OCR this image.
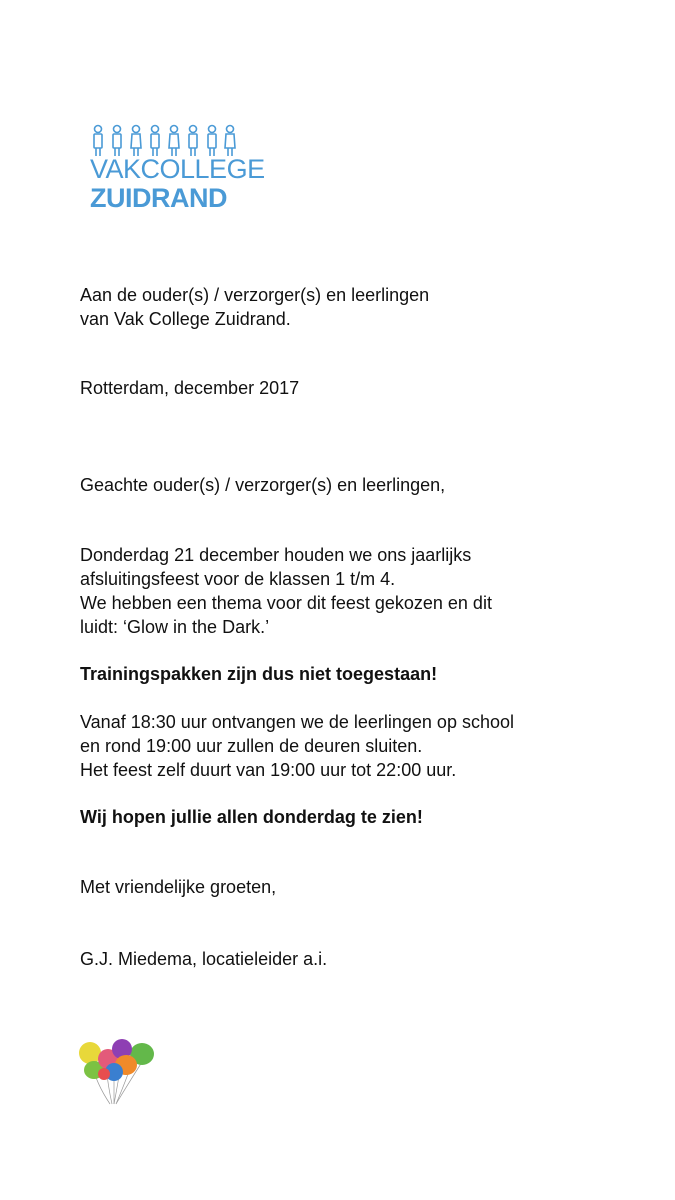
VAKCOLLEGE
ZUIDRAND

Aan de ouder(s) / verzorger(s) en leerlingen

van Vak College Zuidrand.

Rotterdam, december 2017

Geachte ouder(s) / verzorger(s) en leerlingen,

Donderdag 21 december houden we ons jaarlijks

afsluitingsfeest voor de klassen 1 t/m 4.

We hebben een thema voor dit feest gekozen en dit

luidt: ‘Glow in the Dark.’

Trainingspakken zijn dus niet toegestaan!

Vanaf 18:30 uur ontvangen we de leerlingen op school

en rond 19:00 uur zullen de deuren sluiten.

Het feest zelf duurt van 19:00 uur tot 22:00 uur.

Wij hopen jullie allen donderdag te zien!

Met vriendelijke groeten,

G.J. Miedema, locatieleider a.i.
